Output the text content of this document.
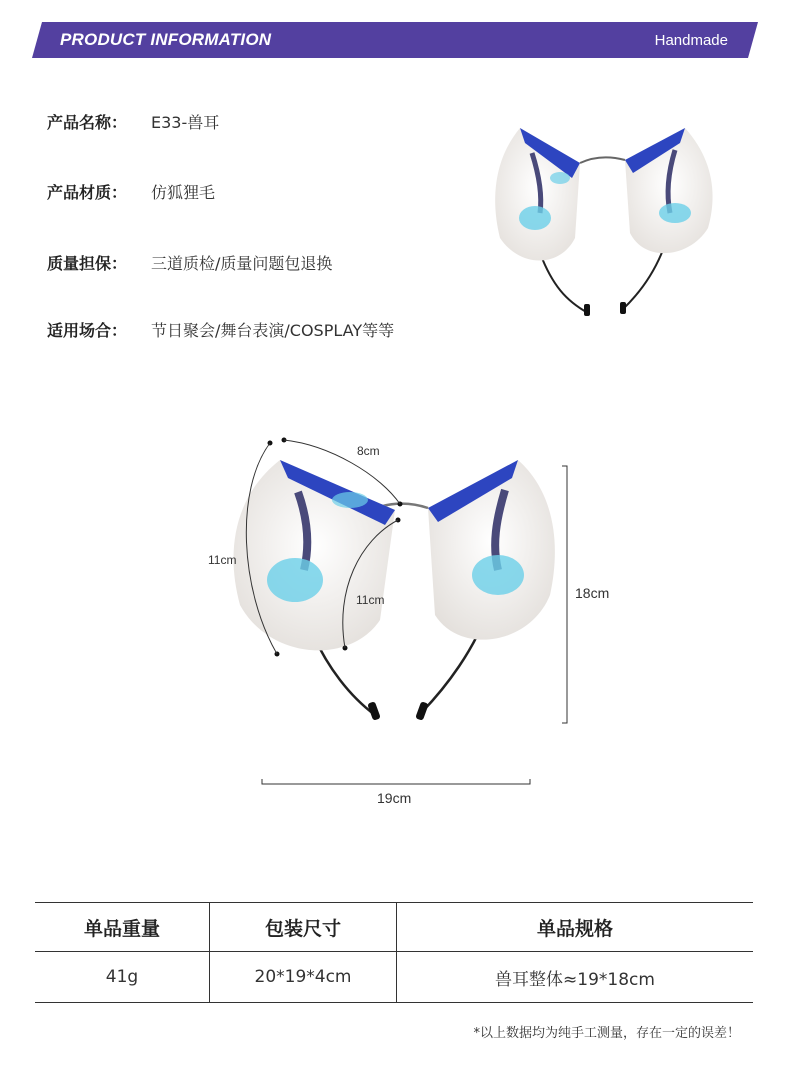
PRODUCT INFORMATION	Handmade
产品名称： E33-兽耳
产品材质： 仿狐狸毛
质量担保： 三道质检/质量问题包退换
适用场合： 节日聚会/舞台表演/COSPLAY等等
8cm
11cm
11cm	18cm
19cm
单品重量	包装尺寸	单品规格
41g	20*19*4cm	兽耳整体≈19*18cm
*以上数据均为纯手工测量，存在一定的误差！
